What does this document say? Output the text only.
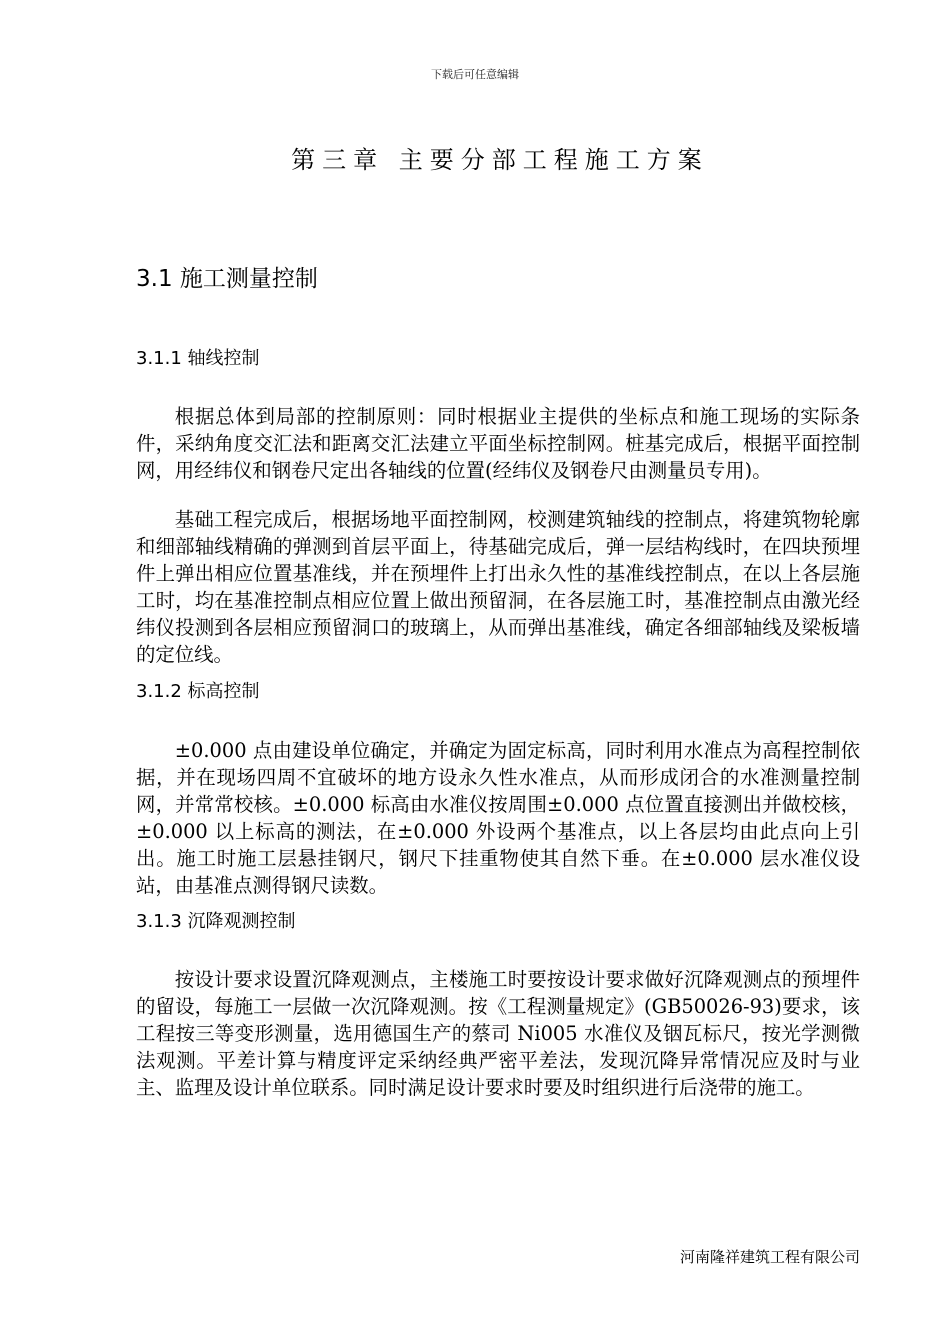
下载后可任意编辑
第三章 主要分部工程施工方案
3.1 施工测量控制
3.1.1 轴线控制
根据总体到局部的控制原则：同时根据业主提供的坐标点和施工现场的实际条件，采纳角度交汇法和距离交汇法建立平面坐标控制网。桩基完成后，根据平面控制网，用经纬仪和钢卷尺定出各轴线的位置(经纬仪及钢卷尺由测量员专用)。
基础工程完成后，根据场地平面控制网，校测建筑轴线的控制点，将建筑物轮廓和细部轴线精确的弹测到首层平面上，待基础完成后，弹一层结构线时，在四块预埋件上弹出相应位置基准线，并在预埋件上打出永久性的基准线控制点，在以上各层施工时，均在基准控制点相应位置上做出预留洞，在各层施工时，基准控制点由激光经纬仪投测到各层相应预留洞口的玻璃上，从而弹出基准线，确定各细部轴线及梁板墙的定位线。
3.1.2 标高控制
±0.000 点由建设单位确定，并确定为固定标高，同时利用水准点为高程控制依据，并在现场四周不宜破坏的地方设永久性水准点，从而形成闭合的水准测量控制网，并常常校核。±0.000 标高由水准仪按周围±0.000 点位置直接测出并做校核，±0.000 以上标高的测法，在±0.000 外设两个基准点，以上各层均由此点向上引出。施工时施工层悬挂钢尺，钢尺下挂重物使其自然下垂。在±0.000 层水准仪设站，由基准点测得钢尺读数。
3.1.3 沉降观测控制
按设计要求设置沉降观测点，主楼施工时要按设计要求做好沉降观测点的预埋件的留设，每施工一层做一次沉降观测。按《工程测量规定》(GB50026-93)要求，该工程按三等变形测量，选用德国生产的蔡司 Ni005 水准仪及铟瓦标尺，按光学测微法观测。平差计算与精度评定采纳经典严密平差法，发现沉降异常情况应及时与业主、监理及设计单位联系。同时满足设计要求时要及时组织进行后浇带的施工。
河南隆祥建筑工程有限公司
